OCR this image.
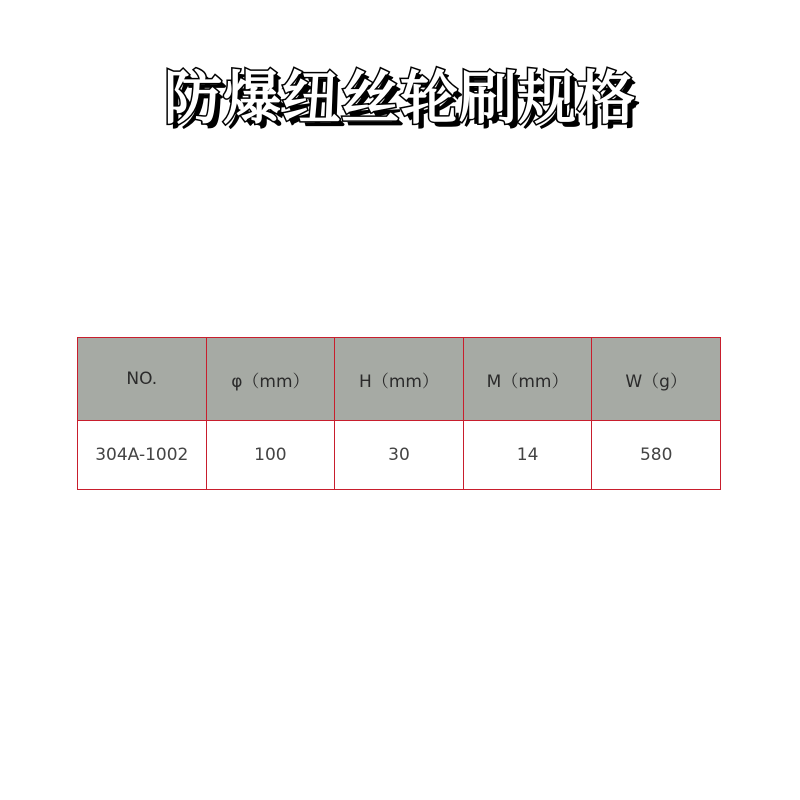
防爆纽丝轮刷规格
NO.	φ（mm）	H（mm）	M（mm）	W（g）
304A-1002	100	30	14	580
